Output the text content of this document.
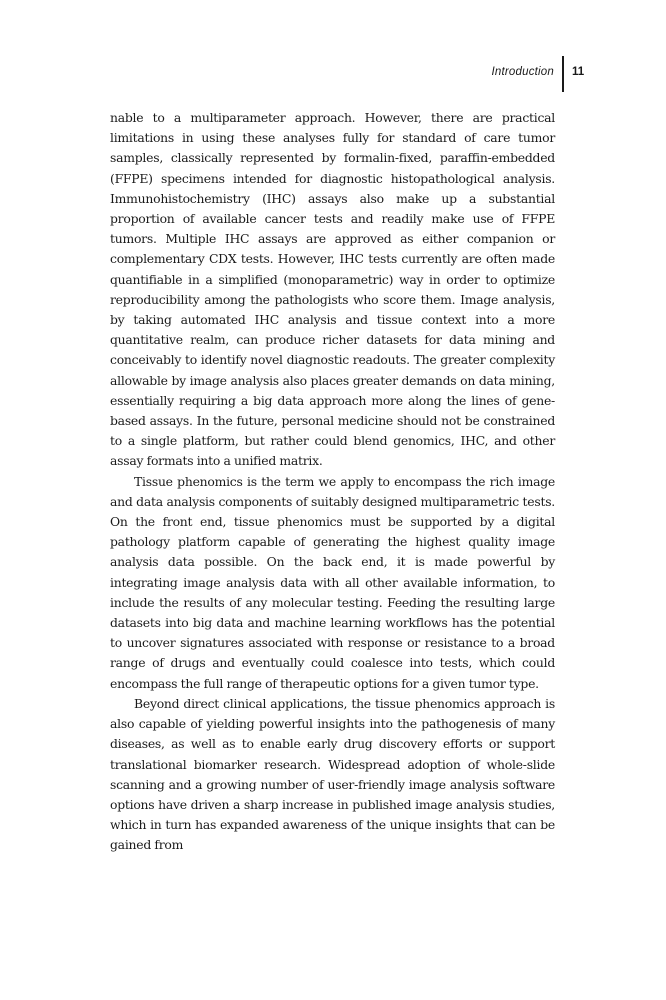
Introduction 11

nable to a multiparameter approach. However, there are practical limitations in using these analyses fully for standard of care tumor samples, classically represented by formalin-fixed, paraffin-embedded (FFPE) specimens intended for diagnostic histopathological analysis. Immunohistochemistry (IHC) assays also make up a substantial proportion of available cancer tests and readily make use of FFPE tumors. Multiple IHC assays are approved as either companion or complementary CDX tests. However, IHC tests currently are often made quantifiable in a simplified (monoparametric) way in order to optimize reproducibility among the pathologists who score them. Image analysis, by taking automated IHC analysis and tissue context into a more quantitative realm, can produce richer datasets for data mining and conceivably to identify novel diagnostic readouts. The greater complexity allowable by image analysis also places greater demands on data mining, essentially requiring a big data approach more along the lines of gene-based assays. In the future, personal medicine should not be constrained to a single platform, but rather could blend genomics, IHC, and other assay formats into a unified matrix.

Tissue phenomics is the term we apply to encompass the rich image and data analysis components of suitably designed multiparametric tests. On the front end, tissue phenomics must be supported by a digital pathology platform capable of generating the highest quality image analysis data possible. On the back end, it is made powerful by integrating image analysis data with all other available information, to include the results of any molecular testing. Feeding the resulting large datasets into big data and machine learning workflows has the potential to uncover signatures associated with response or resistance to a broad range of drugs and eventually could coalesce into tests, which could encompass the full range of therapeutic options for a given tumor type.

Beyond direct clinical applications, the tissue phenomics approach is also capable of yielding powerful insights into the pathogenesis of many diseases, as well as to enable early drug discovery efforts or support translational biomarker research. Widespread adoption of whole-slide scanning and a growing number of user-friendly image analysis software options have driven a sharp increase in published image analysis studies, which in turn has expanded awareness of the unique insights that can be gained from
